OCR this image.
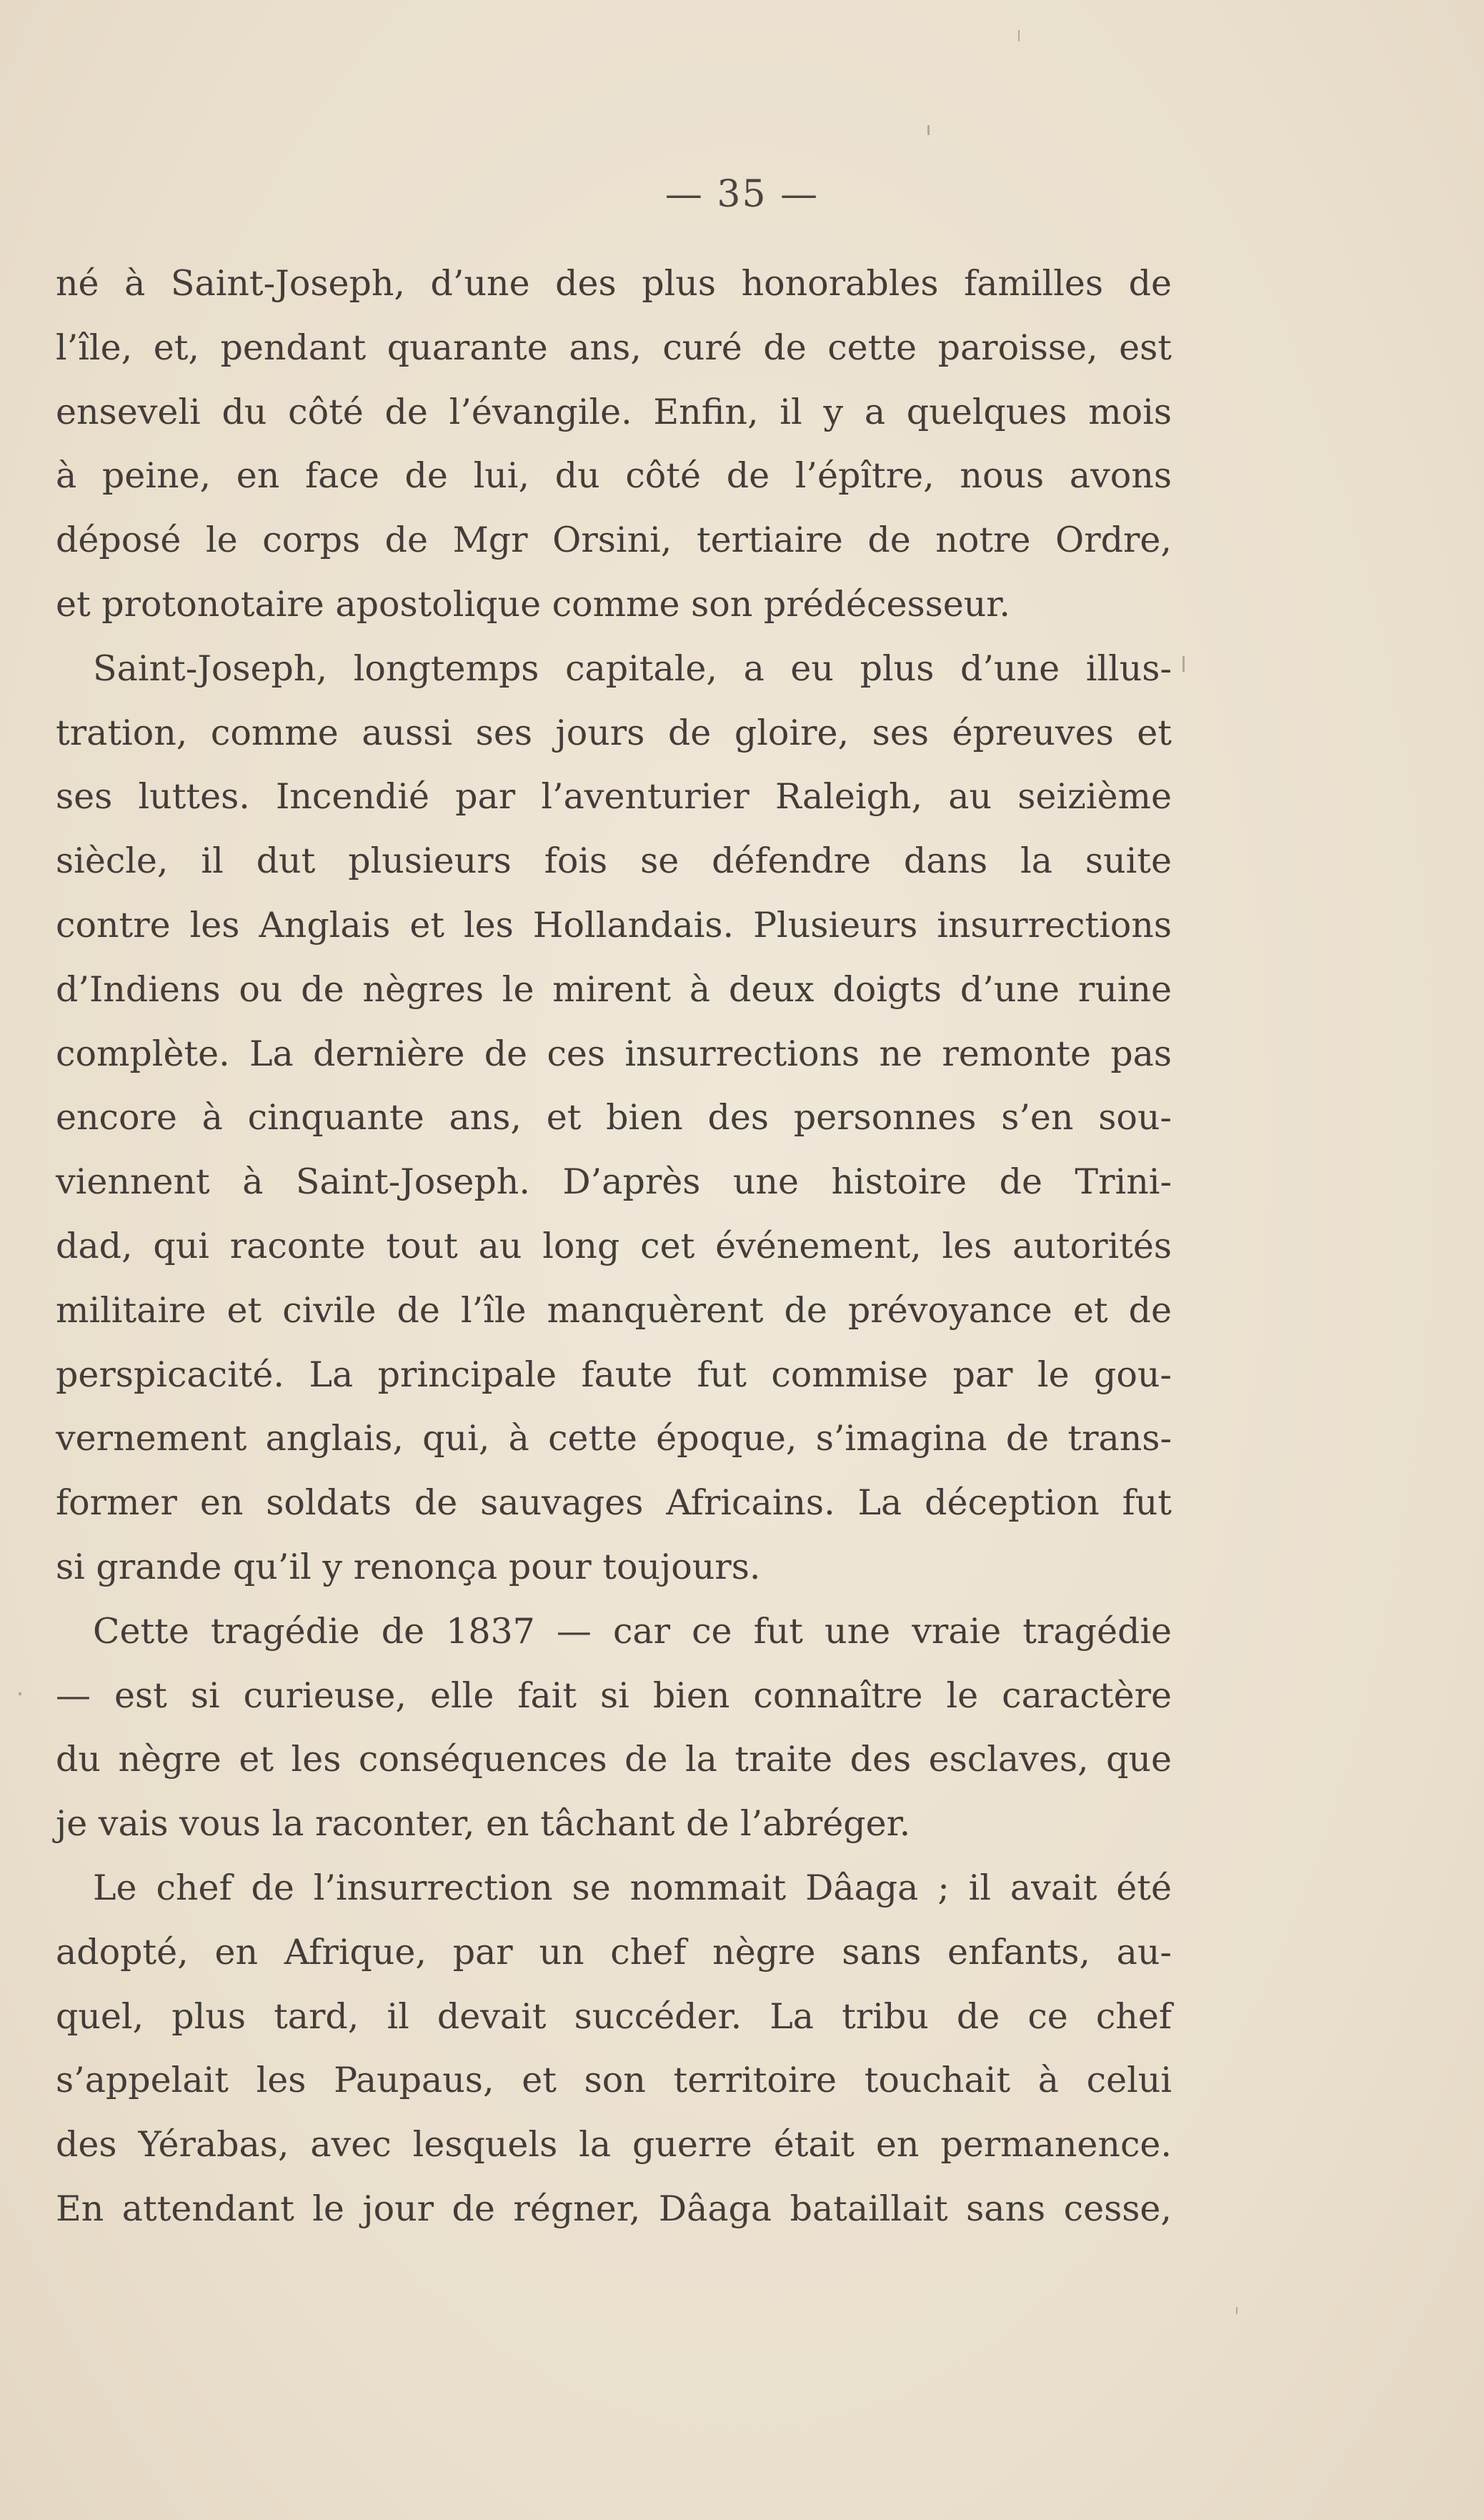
— 35 —
né à Saint-Joseph, d’une des plus honorables familles de
l’île, et, pendant quarante ans, curé de cette paroisse, est
enseveli du côté de l’évangile. Enfin, il y a quelques mois
à peine, en face de lui, du côté de l’épître, nous avons
déposé le corps de Mgr Orsini, tertiaire de notre Ordre,
et protonotaire apostolique comme son prédécesseur.
Saint-Joseph, longtemps capitale, a eu plus d’une illus-
tration, comme aussi ses jours de gloire, ses épreuves et
ses luttes. Incendié par l’aventurier Raleigh, au seizième
siècle, il dut plusieurs fois se défendre dans la suite
contre les Anglais et les Hollandais. Plusieurs insurrections
d’Indiens ou de nègres le mirent à deux doigts d’une ruine
complète. La dernière de ces insurrections ne remonte pas
encore à cinquante ans, et bien des personnes s’en sou-
viennent à Saint-Joseph. D’après une histoire de Trini-
dad, qui raconte tout au long cet événement, les autorités
militaire et civile de l’île manquèrent de prévoyance et de
perspicacité. La principale faute fut commise par le gou-
vernement anglais, qui, à cette époque, s’imagina de trans-
former en soldats de sauvages Africains. La déception fut
si grande qu’il y renonça pour toujours.
Cette tragédie de 1837 — car ce fut une vraie tragédie
— est si curieuse, elle fait si bien connaître le caractère
du nègre et les conséquences de la traite des esclaves, que
je vais vous la raconter, en tâchant de l’abréger.
Le chef de l’insurrection se nommait Dâaga ; il avait été
adopté, en Afrique, par un chef nègre sans enfants, au-
quel, plus tard, il devait succéder. La tribu de ce chef
s’appelait les Paupaus, et son territoire touchait à celui
des Yérabas, avec lesquels la guerre était en permanence.
En attendant le jour de régner, Dâaga bataillait sans cesse,
